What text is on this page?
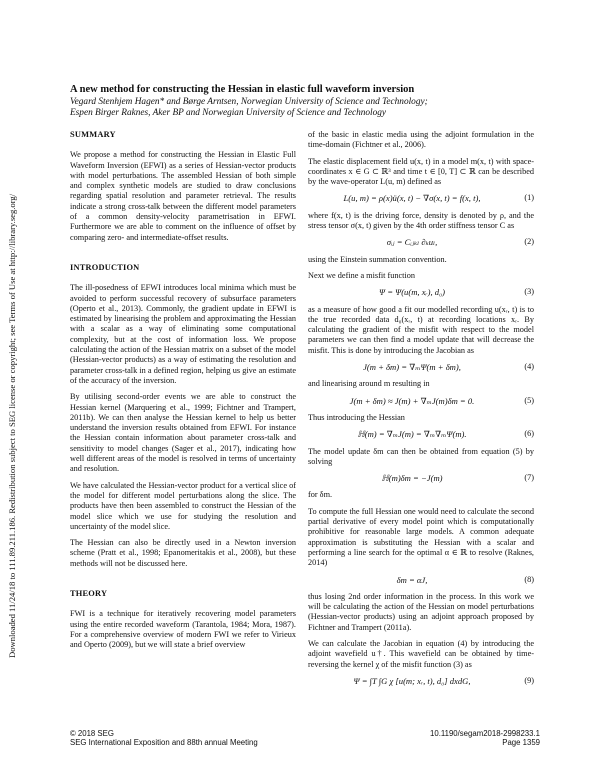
Downloaded 11/24/18 to 111.89.211.186. Redistribution subject to SEG license or copyright; see Terms of Use at http://library.seg.org/
A new method for constructing the Hessian in elastic full waveform inversion
Vegard Stenhjem Hagen* and Børge Arntsen, Norwegian University of Science and Technology;
Espen Birger Raknes, Aker BP and Norwegian University of Science and Technology
SUMMARY

We propose a method for constructing the Hessian in Elastic Full Waveform Inversion (EFWI) as a series of Hessian-vector products with model perturbations. The assembled Hessian of both simple and complex synthetic models are studied to draw conclusions regarding spatial resolution and parameter retrieval. The results indicate a strong cross-talk between the different model parameters of a common density-velocity parametrisation in EFWI. Furthermore we are able to comment on the influence of offset by comparing zero- and intermediate-offset results.

INTRODUCTION

The ill-posedness of EFWI introduces local minima which must be avoided to perform successful recovery of subsurface parameters (Operto et al., 2013). Commonly, the gradient update in EFWI is estimated by linearising the problem and approximating the Hessian with a scalar as a way of eliminating some computational complexity, but at the cost of information loss. We propose calculating the action of the Hessian matrix on a subset of the model (Hessian-vector products) as a way of estimating the resolution and parameter cross-talk in a defined region, helping us give an estimate of the accuracy of the inversion.

By utilising second-order events we are able to construct the Hessian kernel (Marquering et al., 1999; Fichtner and Trampert, 2011b). We can then analyse the Hessian kernel to help us better understand the inversion results obtained from EFWI. For instance the Hessian contain information about parameter cross-talk and sensitivity to model changes (Sager et al., 2017), indicating how well different areas of the model is resolved in terms of uncertainty and resolution.

We have calculated the Hessian-vector product for a vertical slice of the model for different model perturbations along the slice. The products have then been assembled to construct the Hessian of the model slice which we use for studying the resolution and uncertainty of the model slice.

The Hessian can also be directly used in a Newton inversion scheme (Pratt et al., 1998; Epanomeritakis et al., 2008), but these methods will not be discussed here.

THEORY

FWI is a technique for iteratively recovering model parameters using the entire recorded waveform (Tarantola, 1984; Mora, 1987). For a comprehensive overview of modern FWI we refer to Virieux and Operto (2009), but we will state a brief overview

of the basic in elastic media using the adjoint formulation in the time-domain (Fichtner et al., 2006).

The elastic displacement field u(x, t) in a model m(x, t) with space-coordinates x ∈ G ⊂ ℝ³ and time t ∈ [0, T] ⊂ ℝ can be described by the wave-operator L(u, m) defined as

L(u, m) = ρ(x)ü(x, t) − ∇σ(x, t) = f(x, t),	(1)

where f(x, t) is the driving force, density is denoted by ρ, and the stress tensor σ(x, t) given by the 4th order stiffness tensor C as

σᵢⱼ = Cᵢⱼₖₗ ∂ₖuₗ,	(2)

using the Einstein summation convention.

Next we define a misfit function

Ψ = Ψ(u(m, xᵣ), d₀)	(3)

as a measure of how good a fit our modelled recording u(xᵣ, t) is to the true recorded data d₀(xᵣ, t) at recording locations xᵣ. By calculating the gradient of the misfit with respect to the model parameters we can then find a model update that will decrease the misfit. This is done by introducing the Jacobian as

J(m + δm) = ∇ₘΨ(m + δm),	(4)

and linearising around m resulting in

J(m + δm) ≈ J(m) + ∇ₘJ(m)δm = 0.	(5)

Thus introducing the Hessian

ℍ(m) = ∇ₘJ(m) = ∇ₘ∇ₘΨ(m).	(6)

The model update δm can then be obtained from equation (5) by solving

ℍ(m)δm = −J(m)	(7)

for δm.

To compute the full Hessian one would need to calculate the second partial derivative of every model point which is computationally prohibitive for reasonable large models. A common adequate approximation is substituting the Hessian with a scalar and performing a line search for the optimal α ∈ ℝ to resolve (Raknes, 2014)

δm = αJ,	(8)

thus losing 2nd order information in the process. In this work we will be calculating the action of the Hessian on model perturbations (Hessian-vector products) using an adjoint approach proposed by Fichtner and Trampert (2011a).

We can calculate the Jacobian in equation (4) by introducing the adjoint wavefield u†. This wavefield can be obtained by time-reversing the kernel χ of the misfit function (3) as

Ψ = ∫T ∫G χ [u(m; xᵣ, t), d₀] dxdG,	(9)
© 2018 SEG	10.1190/segam2018-2998233.1
SEG International Exposition and 88th annual Meeting	Page 1359
